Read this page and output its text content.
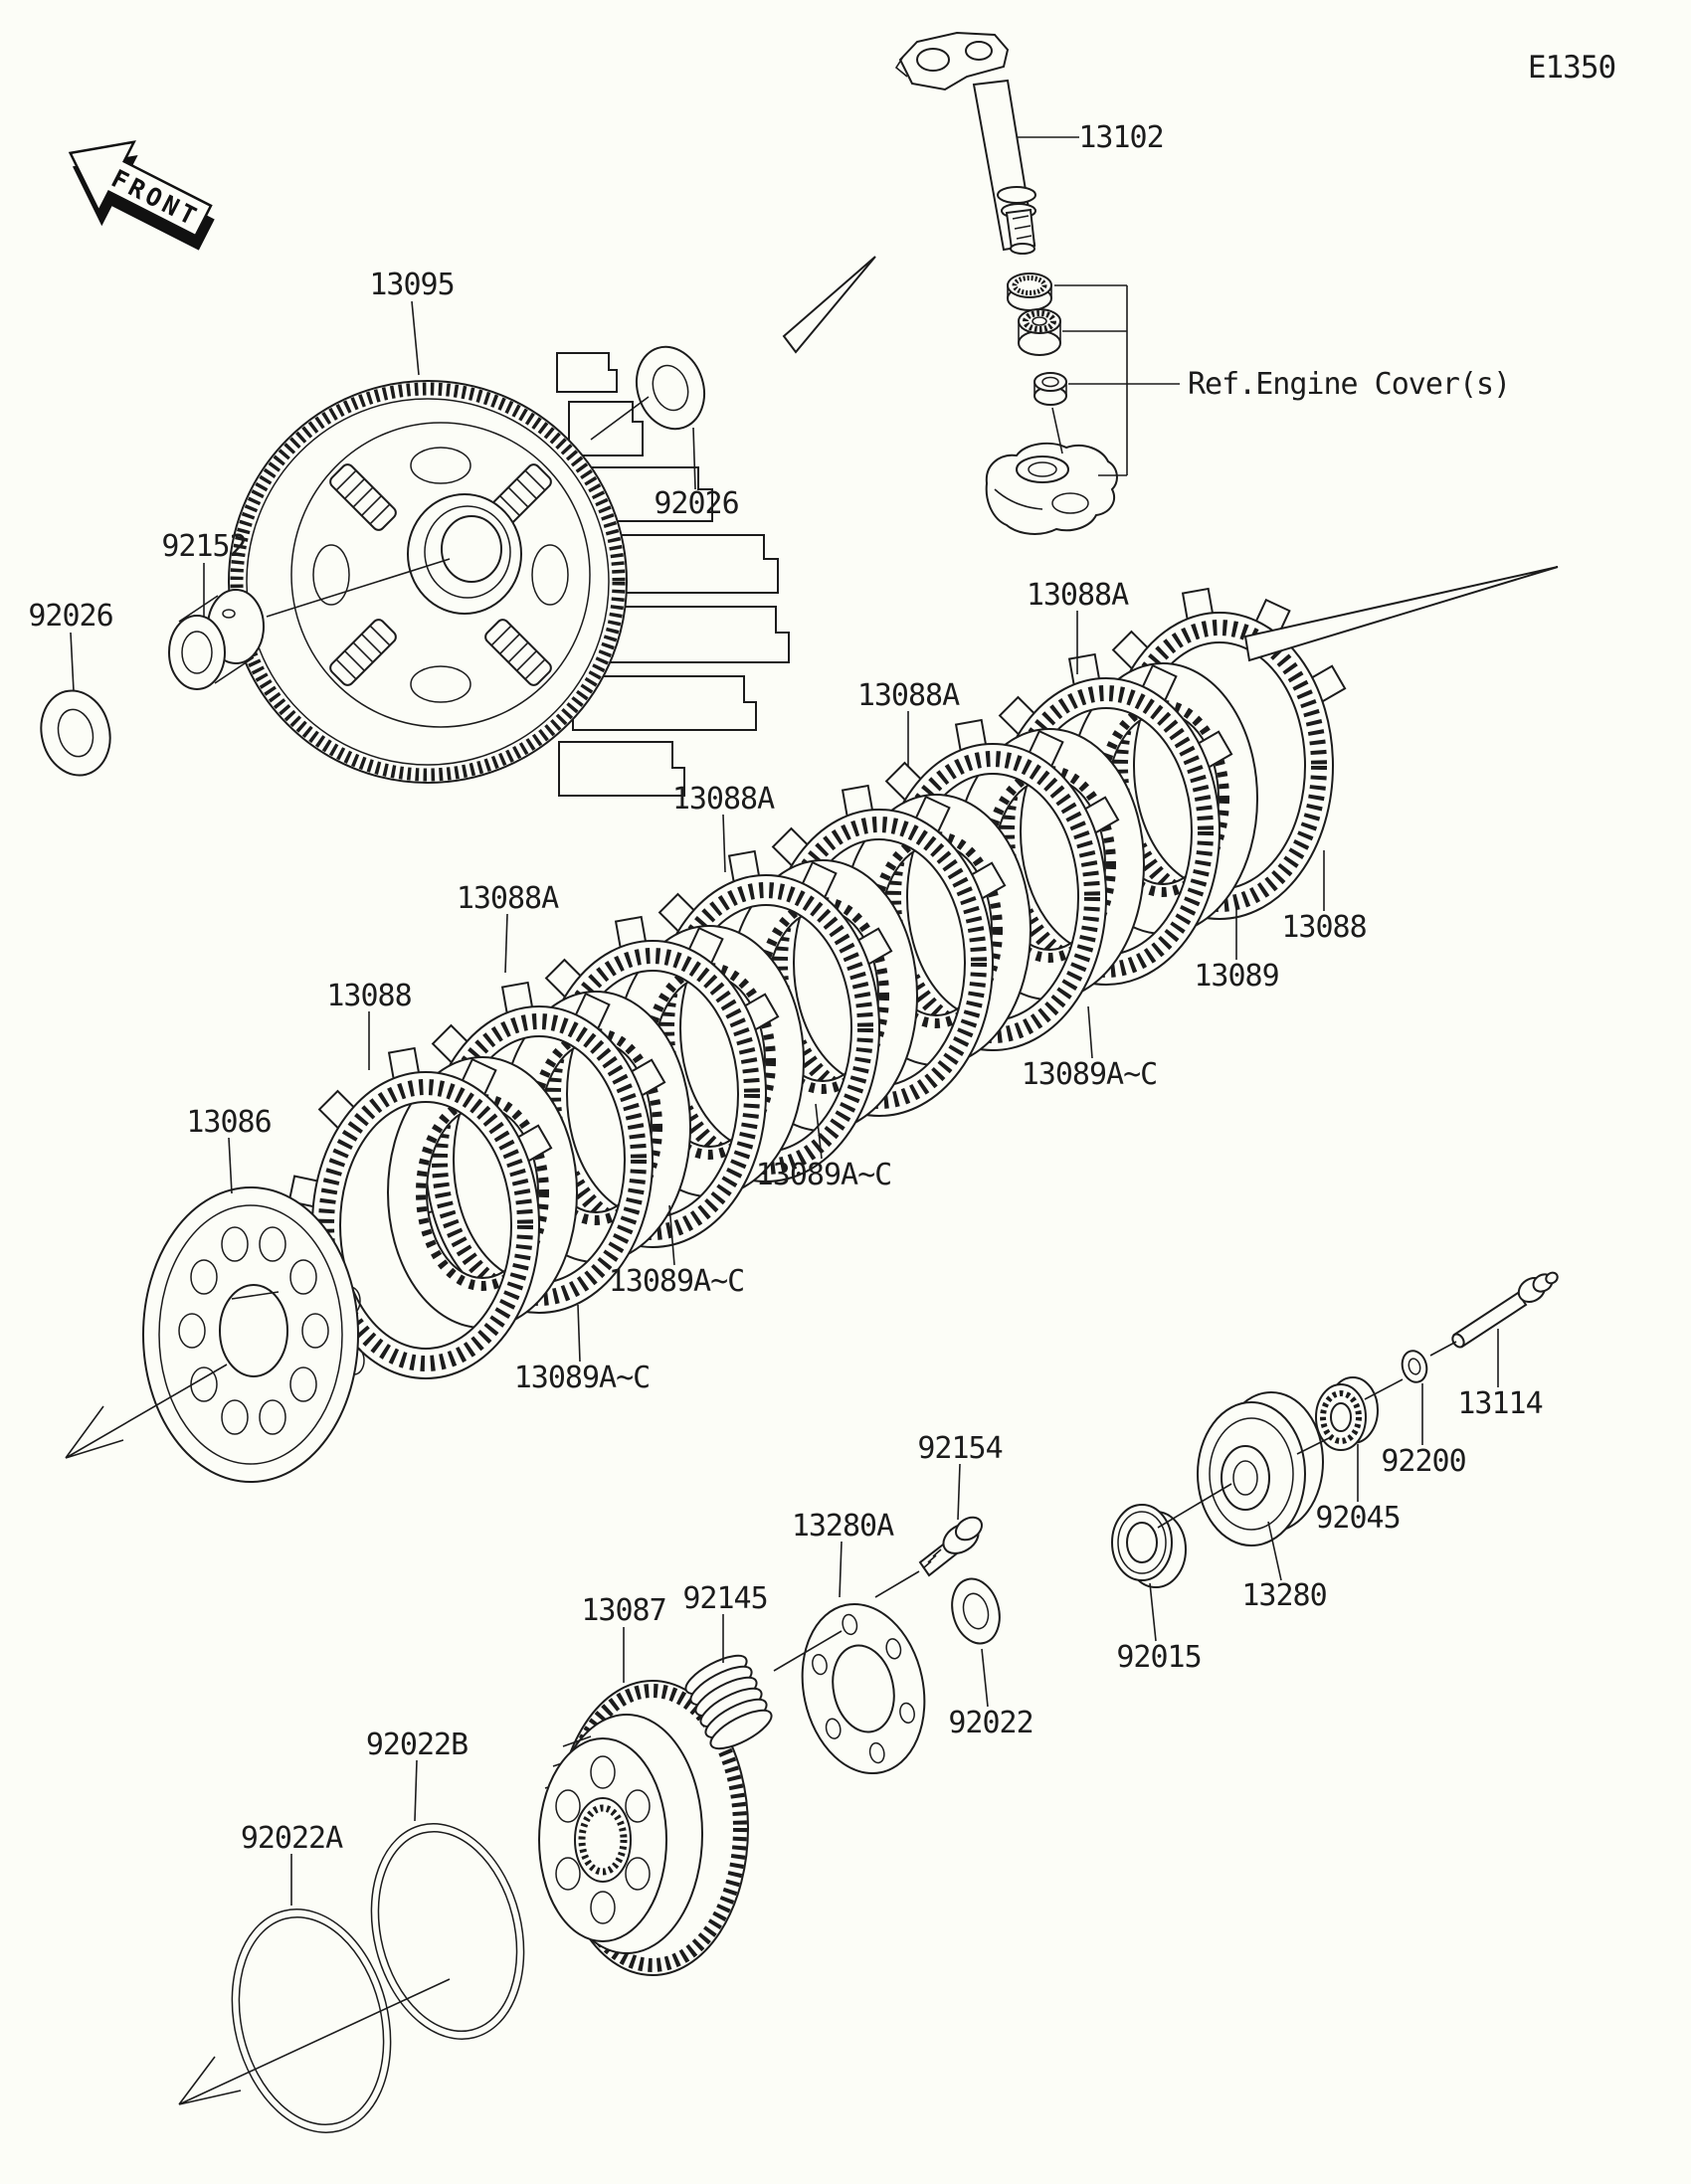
FRONT
E1350
13102
Ref.Engine Cover(s)
13095
92026
92152
92026
13088A
13088A
13088A
13088A
13088
13086
13088
13089
13089A~C
13089A~C
13089A~C
13089A~C
92154
13280A
92145
13087
92022
92022B
92022A
13114
92200
92045
13280
92015
